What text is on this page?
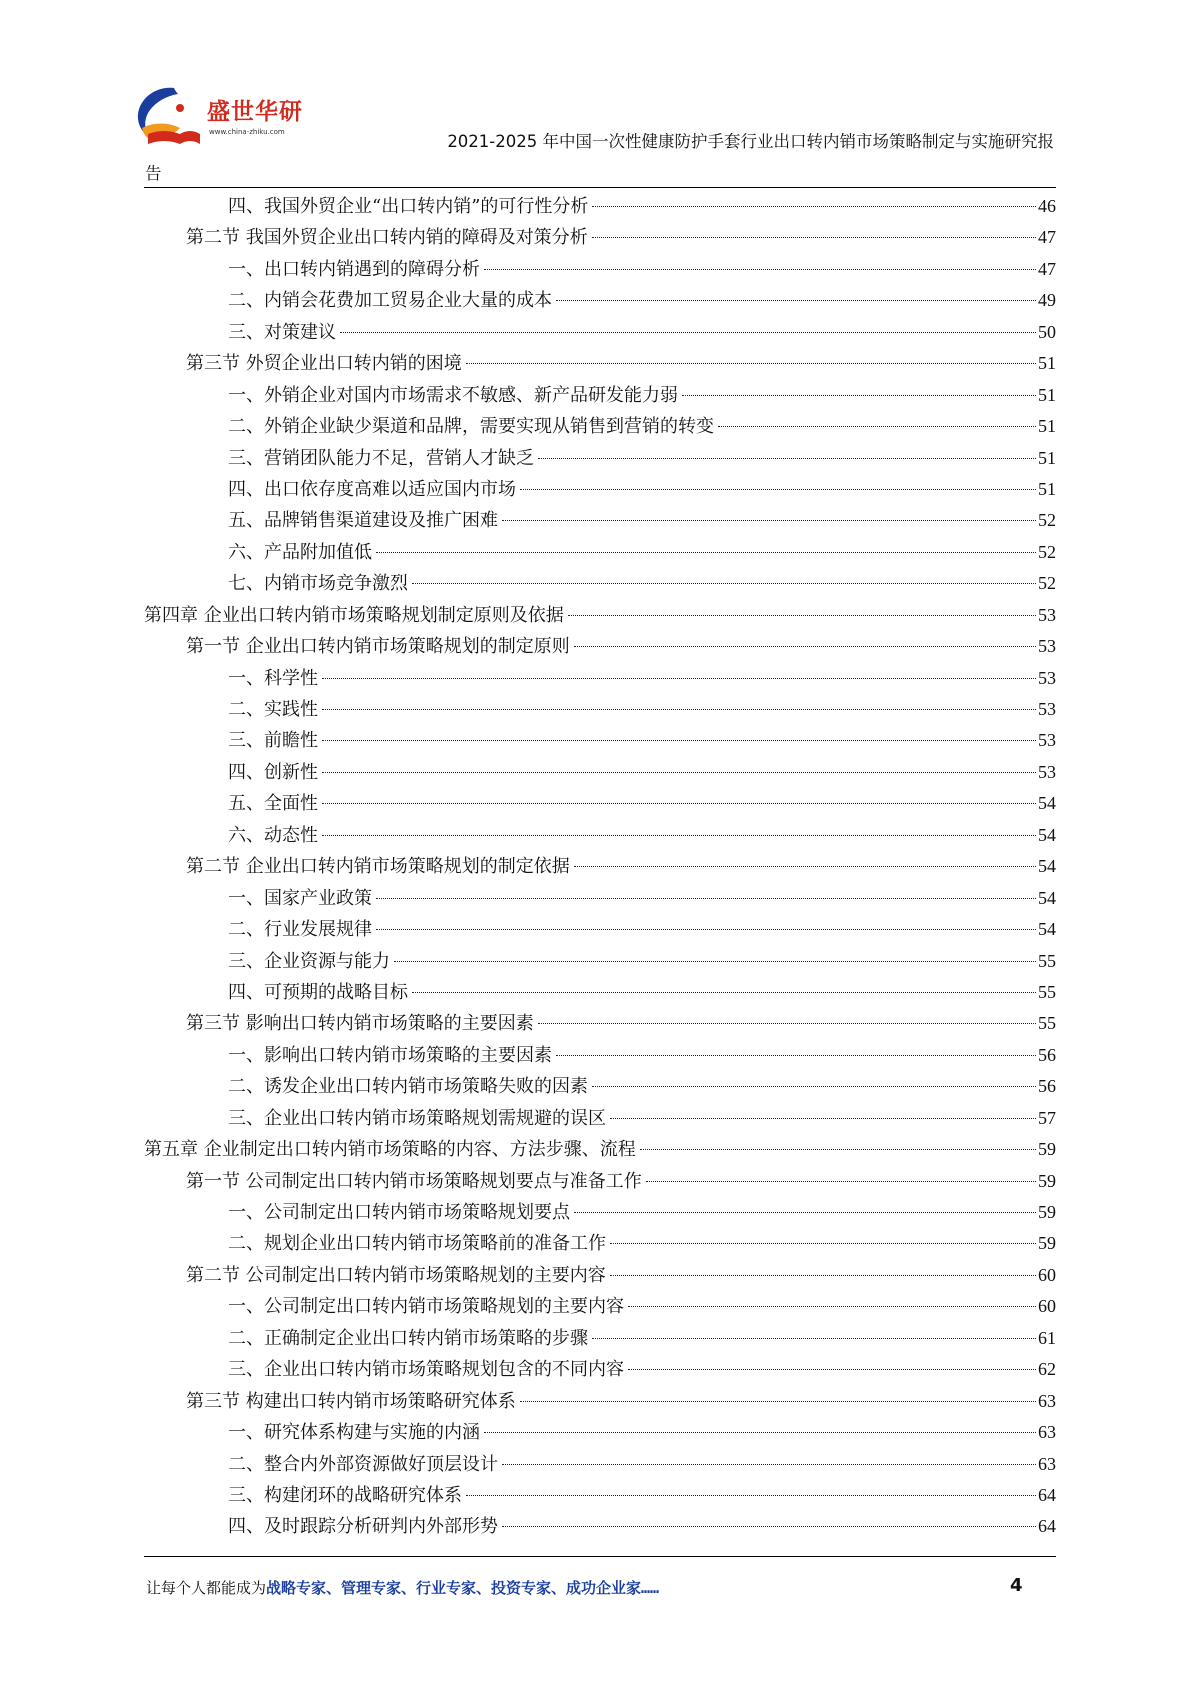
盛世华研
www.china-zhiku.com	2021-2025 年中国一次性健康防护手套行业出口转内销市场策略制定与实施研究报
告
四、我国外贸企业“出口转内销”的可行性分析	46
第二节 我国外贸企业出口转内销的障碍及对策分析	47
一、出口转内销遇到的障碍分析	47
二、内销会花费加工贸易企业大量的成本	49
三、对策建议	50
第三节 外贸企业出口转内销的困境	51
一、外销企业对国内市场需求不敏感、新产品研发能力弱	51
二、外销企业缺少渠道和品牌，需要实现从销售到营销的转变	51
三、营销团队能力不足，营销人才缺乏	51
四、出口依存度高难以适应国内市场	51
五、品牌销售渠道建设及推广困难	52
六、产品附加值低	52
七、内销市场竞争激烈	52
第四章 企业出口转内销市场策略规划制定原则及依据	53
第一节 企业出口转内销市场策略规划的制定原则	53
一、科学性	53
二、实践性	53
三、前瞻性	53
四、创新性	53
五、全面性	54
六、动态性	54
第二节 企业出口转内销市场策略规划的制定依据	54
一、国家产业政策	54
二、行业发展规律	54
三、企业资源与能力	55
四、可预期的战略目标	55
第三节 影响出口转内销市场策略的主要因素	55
一、影响出口转内销市场策略的主要因素	56
二、诱发企业出口转内销市场策略失败的因素	56
三、企业出口转内销市场策略规划需规避的误区	57
第五章 企业制定出口转内销市场策略的内容、方法步骤、流程	59
第一节 公司制定出口转内销市场策略规划要点与准备工作	59
一、公司制定出口转内销市场策略规划要点	59
二、规划企业出口转内销市场策略前的准备工作	59
第二节 公司制定出口转内销市场策略规划的主要内容	60
一、公司制定出口转内销市场策略规划的主要内容	60
二、正确制定企业出口转内销市场策略的步骤	61
三、企业出口转内销市场策略规划包含的不同内容	62
第三节 构建出口转内销市场策略研究体系	63
一、研究体系构建与实施的内涵	63
二、整合内外部资源做好顶层设计	63
三、构建闭环的战略研究体系	64
四、及时跟踪分析研判内外部形势	64
让每个人都能成为战略专家、管理专家、行业专家、投资专家、成功企业家……	4
